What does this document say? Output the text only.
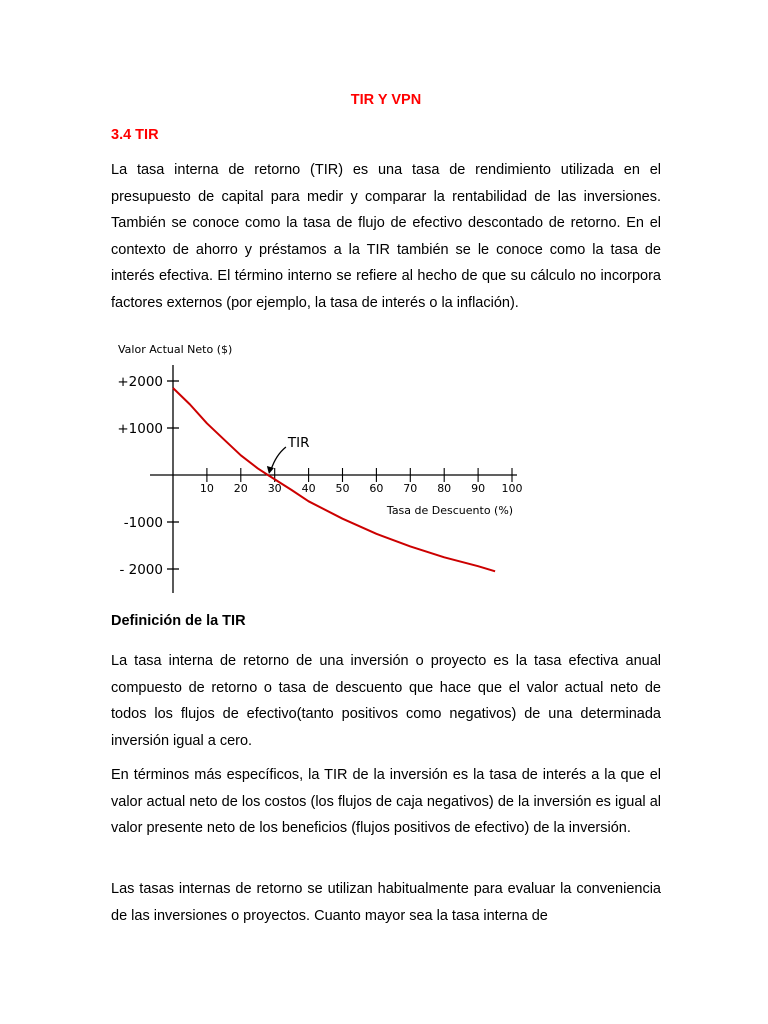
TIR Y VPN

3.4 TIR

La tasa interna de retorno (TIR) es una tasa de rendimiento utilizada en el presupuesto de capital para medir y comparar la rentabilidad de las inversiones. También se conoce como la tasa de flujo de efectivo descontado de retorno. En el contexto de ahorro y préstamos a la TIR también se le conoce como la tasa de interés efectiva. El término interno se refiere al hecho de que su cálculo no incorpora factores externos (por ejemplo, la tasa de interés o la inflación).

Definición de la TIR

La tasa interna de retorno de una inversión o proyecto es la tasa efectiva anual compuesto de retorno o tasa de descuento que hace que el valor actual neto de todos los flujos de efectivo(tanto positivos como negativos) de una determinada inversión igual a cero.

En términos más específicos, la TIR de la inversión es la tasa de interés a la que el valor actual neto de los costos (los flujos de caja negativos) de la inversión es igual al valor presente neto de los beneficios (flujos positivos de efectivo) de la inversión.

Las tasas internas de retorno se utilizan habitualmente para evaluar la conveniencia de las inversiones o proyectos. Cuanto mayor sea la tasa interna de

Valor Actual Neto ($)
+2000
+1000
-1000
- 2000
10 20 30 40 50 60 70 80 90 100
Tasa de Descuento (%)
TIR
